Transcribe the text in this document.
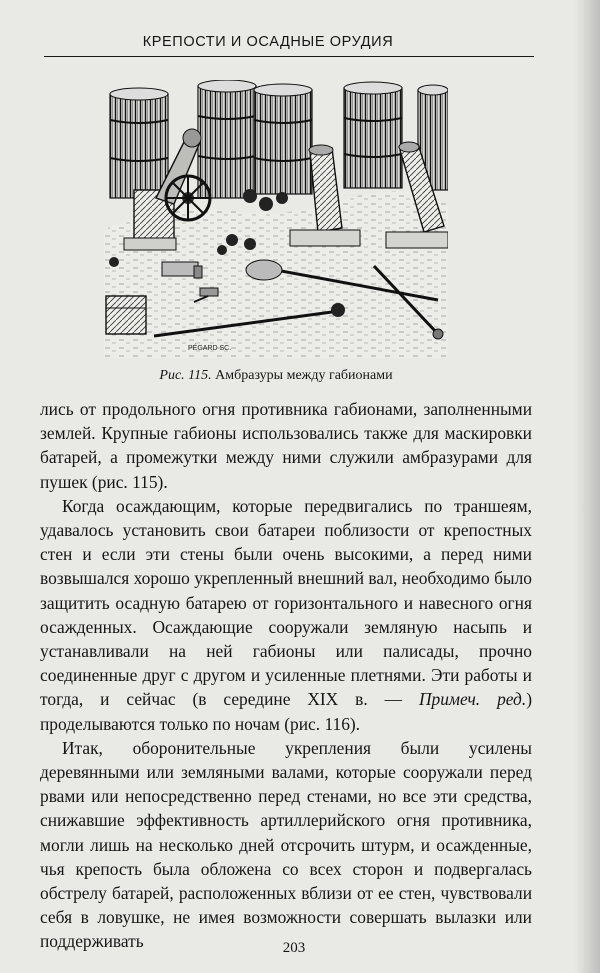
КРЕПОСТИ И ОСАДНЫЕ ОРУДИЯ
PÉGARD SC.
Рис. 115. Амбразуры между габионами

лись от продольного огня противника габионами, заполненными землей. Крупные габионы использовались также для маскировки батарей, а промежутки между ними служили амбразурами для пушек (рис. 115).

Когда осаждающим, которые передвигались по траншеям, удавалось установить свои батареи поблизости от крепостных стен и если эти стены были очень высокими, а перед ними возвышался хорошо укрепленный внешний вал, необходимо было защитить осадную батарею от горизонтального и навесного огня осажденных. Осаждающие сооружали земляную насыпь и устанавливали на ней габионы или палисады, прочно соединенные друг с другом и усиленные плетнями. Эти работы и тогда, и сейчас (в середине XIX в. — Примеч. ред.) проделываются только по ночам (рис. 116).

Итак, оборонительные укрепления были усилены деревянными или земляными валами, которые сооружали перед рвами или непосредственно перед стенами, но все эти средства, снижавшие эффективность артиллерийского огня противника, могли лишь на несколько дней отсрочить штурм, и осажденные, чья крепость была обложена со всех сторон и подвергалась обстрелу батарей, расположенных вблизи от ее стен, чувствовали себя в ловушке, не имея возможности совершать вылазки или поддерживать	203
